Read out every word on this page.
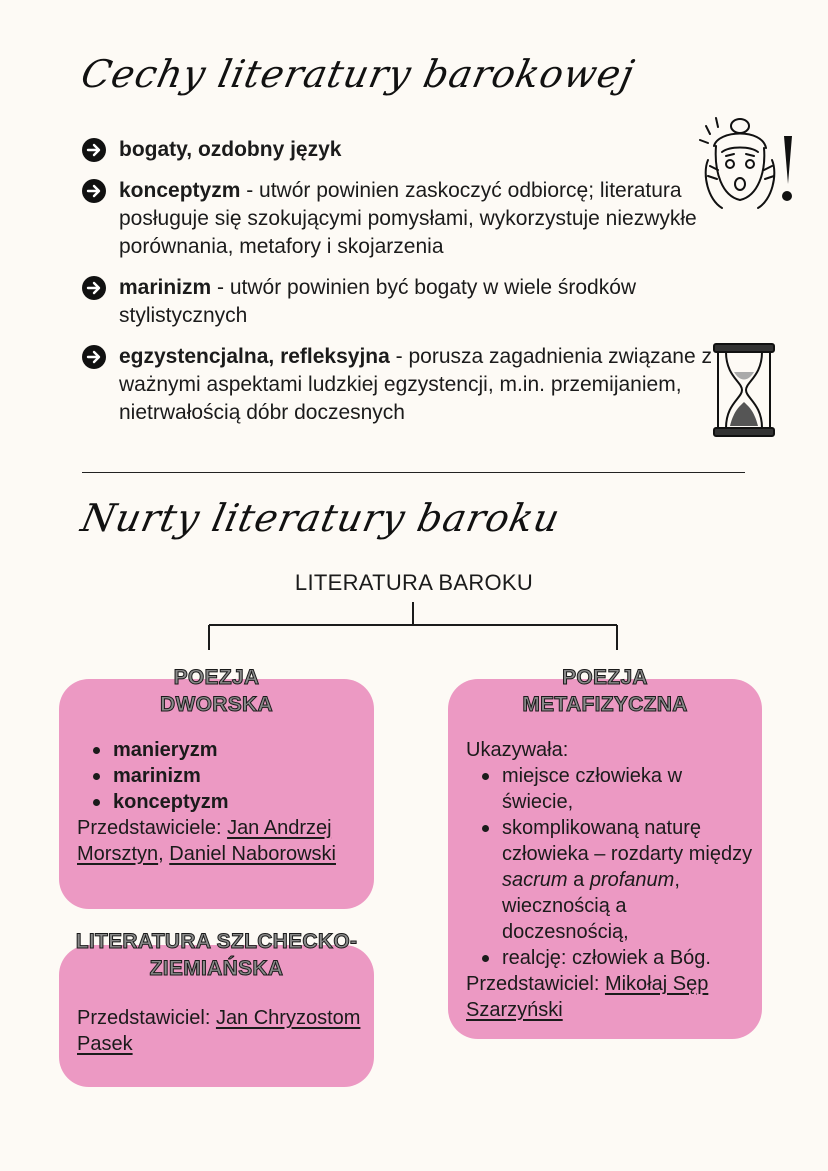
Cechy literatury barokowej
bogaty, ozdobny język
konceptyzm - utwór powinien zaskoczyć odbiorcę; literatura posługuje się szokującymi pomysłami, wykorzystuje niezwykłe porównania, metafory i skojarzenia
marinizm - utwór powinien być bogaty w wiele środków stylistycznych
egzystencjalna, refleksyjna - porusza zagadnienia związane z ważnymi aspektami ludzkiej egzystencji, m.in. przemijaniem, nietrwałością dóbr doczesnych
Nurty literatury baroku
LITERATURA BAROKU
POEZJA
DWORSKA
manieryzm
marinizm
konceptyzm
Przedstawiciele: Jan Andrzej Morsztyn, Daniel Naborowski
LITERATURA SZLCHECKO-
ZIEMIAŃSKA
Przedstawiciel: Jan Chryzostom Pasek
POEZJA
METAFIZYCZNA
Ukazywała:
miejsce człowieka w świecie,
skomplikowaną naturę człowieka – rozdarty między sacrum a profanum, wiecznością a doczesnością,
realcję: człowiek a Bóg.
Przedstawiciel: Mikołaj Sęp Szarzyński
